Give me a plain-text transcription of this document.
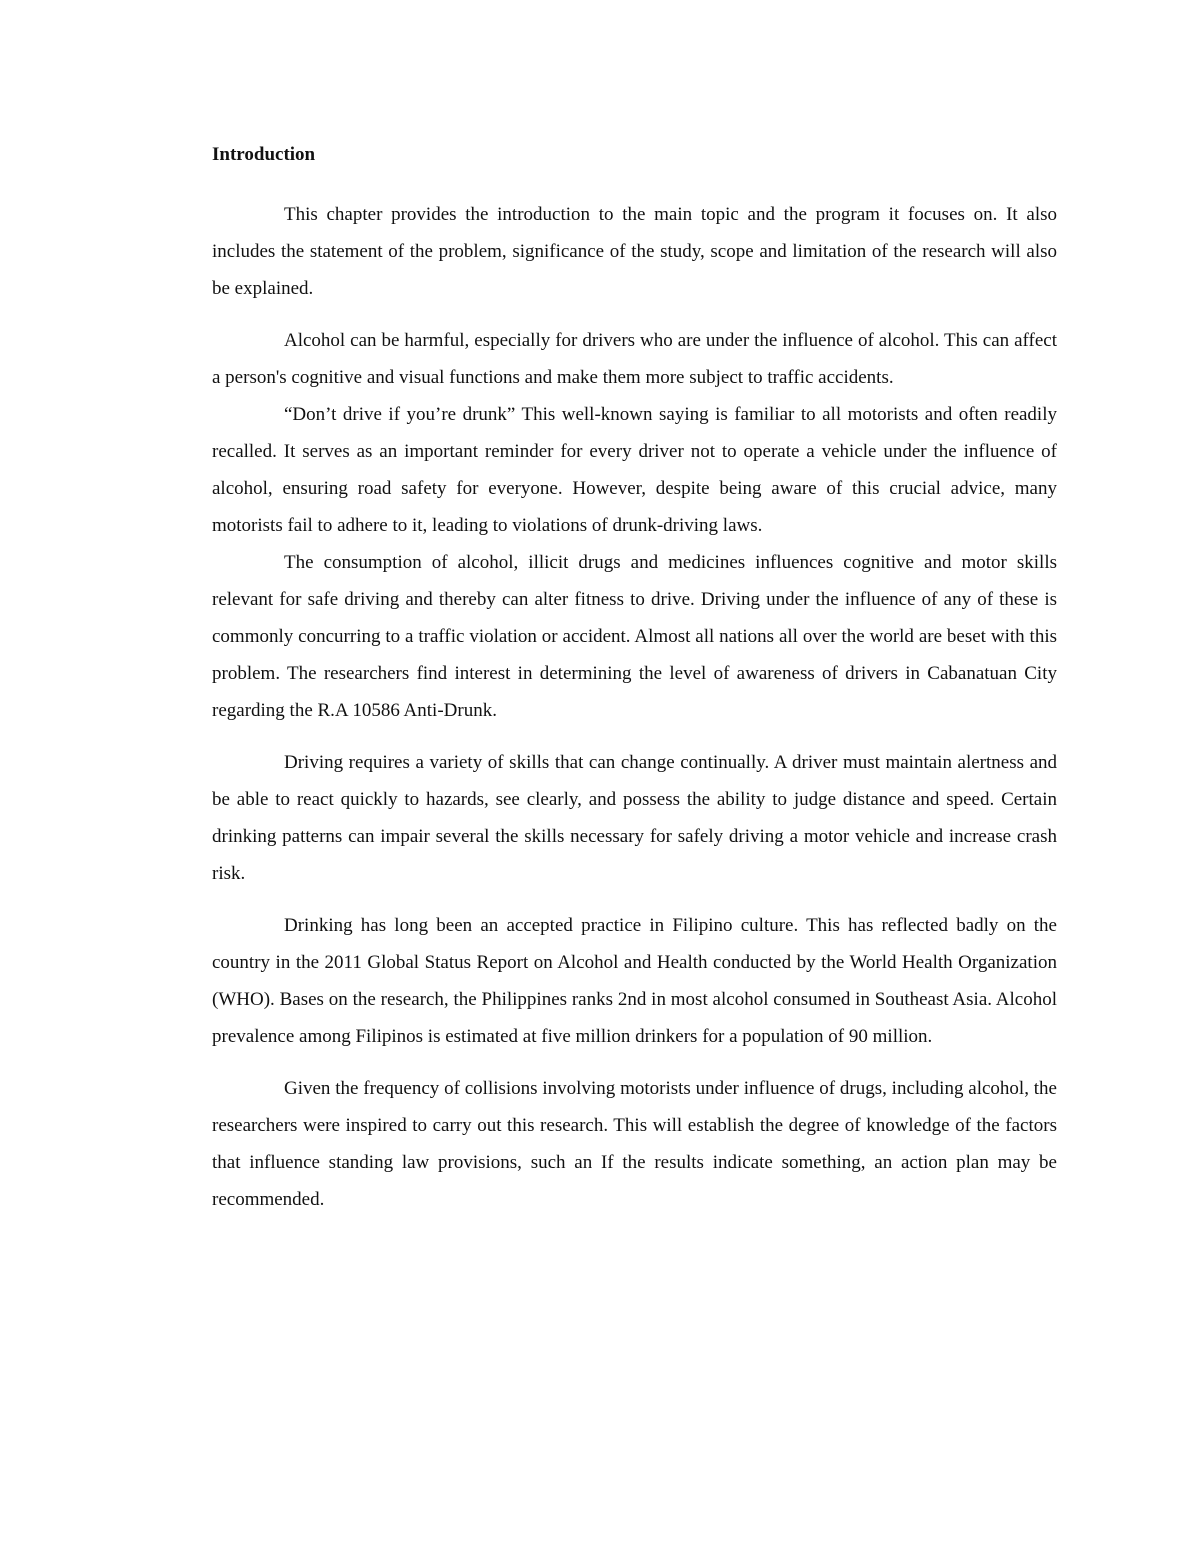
Introduction

This chapter provides the introduction to the main topic and the program it focuses on. It also includes the statement of the problem, significance of the study, scope and limitation of the research will also be explained.

Alcohol can be harmful, especially for drivers who are under the influence of alcohol. This can affect a person's cognitive and visual functions and make them more subject to traffic accidents.

“Don’t drive if you’re drunk” This well-known saying is familiar to all motorists and often readily recalled. It serves as an important reminder for every driver not to operate a vehicle under the influence of alcohol, ensuring road safety for everyone. However, despite being aware of this crucial advice, many motorists fail to adhere to it, leading to violations of drunk-driving laws.

The consumption of alcohol, illicit drugs and medicines influences cognitive and motor skills relevant for safe driving and thereby can alter fitness to drive. Driving under the influence of any of these is commonly concurring to a traffic violation or accident. Almost all nations all over the world are beset with this problem. The researchers find interest in determining the level of awareness of drivers in Cabanatuan City regarding the R.A 10586 Anti-Drunk.

Driving requires a variety of skills that can change continually. A driver must maintain alertness and be able to react quickly to hazards, see clearly, and possess the ability to judge distance and speed. Certain drinking patterns can impair several the skills necessary for safely driving a motor vehicle and increase crash risk.

Drinking has long been an accepted practice in Filipino culture. This has reflected badly on the country in the 2011 Global Status Report on Alcohol and Health conducted by the World Health Organization (WHO). Bases on the research, the Philippines ranks 2nd in most alcohol consumed in Southeast Asia. Alcohol prevalence among Filipinos is estimated at five million drinkers for a population of 90 million.

Given the frequency of collisions involving motorists under influence of drugs, including alcohol, the researchers were inspired to carry out this research. This will establish the degree of knowledge of the factors that influence standing law provisions, such an If the results indicate something, an action plan may be recommended.
